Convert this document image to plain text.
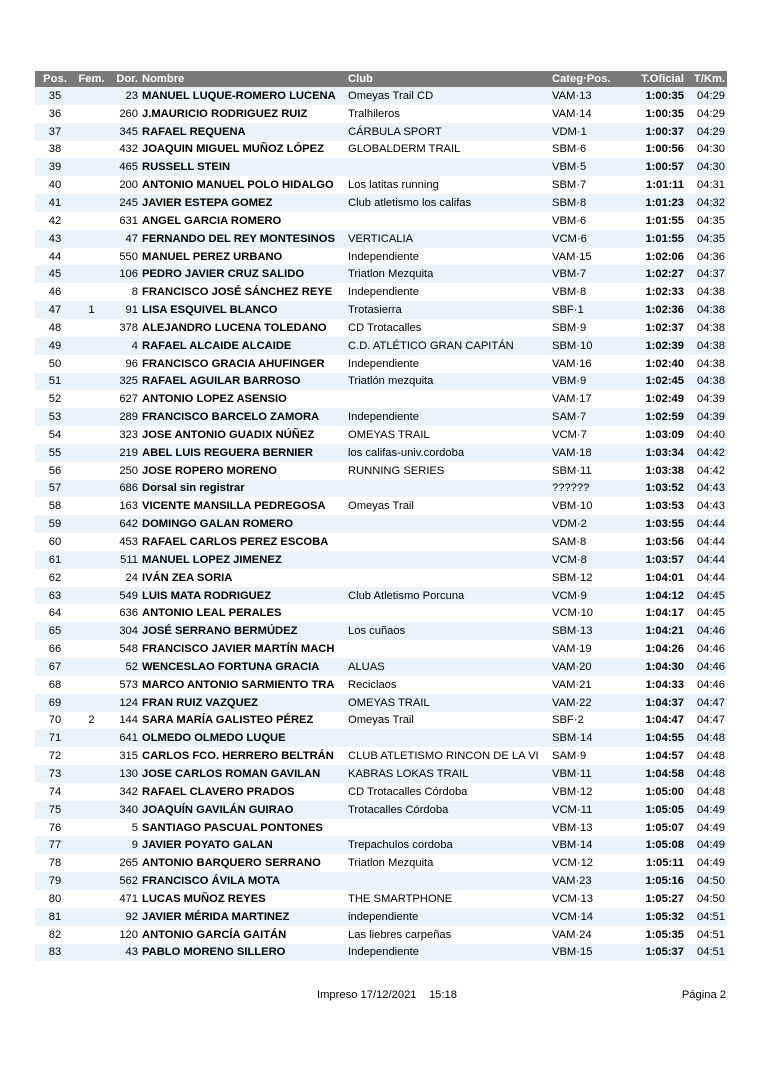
Pos.	Fem.	Dor.	Nombre	Club	Categ·Pos.	T.Oficial	T/Km.
35		23	MANUEL LUQUE-ROMERO LUCENA	Omeyas Trail CD	VAM·13	1:00:35	04:29
36		260	J.MAURICIO RODRIGUEZ RUIZ	Tralhileros	VAM·14	1:00:35	04:29
37		345	RAFAEL REQUENA	CÁRBULA SPORT	VDM·1	1:00:37	04:29
38		432	JOAQUIN MIGUEL MUÑOZ LÓPEZ	GLOBALDERM TRAIL	SBM·6	1:00:56	04:30
39		465	RUSSELL STEIN		VBM·5	1:00:57	04:30
40		200	ANTONIO MANUEL POLO HIDALGO	Los latitas running	SBM·7	1:01:11	04:31
41		245	JAVIER ESTEPA GOMEZ	Club atletismo los califas	SBM·8	1:01:23	04:32
42		631	ANGEL GARCIA ROMERO		VBM·6	1:01:55	04:35
43		47	FERNANDO DEL REY MONTESINOS	VERTICALIA	VCM·6	1:01:55	04:35
44		550	MANUEL PEREZ URBANO	Independiente	VAM·15	1:02:06	04:36
45		106	PEDRO JAVIER CRUZ SALIDO	Triatlon Mezquita	VBM·7	1:02:27	04:37
46		8	FRANCISCO JOSÉ SÁNCHEZ REYE	Independiente	VBM·8	1:02:33	04:38
47	1	91	LISA ESQUIVEL BLANCO	Trotasierra	SBF·1	1:02:36	04:38
48		378	ALEJANDRO LUCENA TOLEDANO	CD Trotacalles	SBM·9	1:02:37	04:38
49		4	RAFAEL ALCAIDE ALCAIDE	C.D. ATLÉTICO GRAN CAPITÁN	SBM·10	1:02:39	04:38
50		96	FRANCISCO GRACIA AHUFINGER	Independiente	VAM·16	1:02:40	04:38
51		325	RAFAEL AGUILAR BARROSO	Triatlón mezquita	VBM·9	1:02:45	04:38
52		627	ANTONIO LOPEZ ASENSIO		VAM·17	1:02:49	04:39
53		289	FRANCISCO BARCELO ZAMORA	Independiente	SAM·7	1:02:59	04:39
54		323	JOSE ANTONIO GUADIX NÚÑEZ	OMEYAS TRAIL	VCM·7	1:03:09	04:40
55		219	ABEL LUIS REGUERA BERNIER	los califas-univ.cordoba	VAM·18	1:03:34	04:42
56		250	JOSE ROPERO MORENO	RUNNING SERIES	SBM·11	1:03:38	04:42
57		686	Dorsal sin registrar		??????	1:03:52	04:43
58		163	VICENTE MANSILLA PEDREGOSA	Omeyas Trail	VBM·10	1:03:53	04:43
59		642	DOMINGO GALAN ROMERO		VDM·2	1:03:55	04:44
60		453	RAFAEL CARLOS PEREZ ESCOBA		SAM·8	1:03:56	04:44
61		511	MANUEL LOPEZ JIMENEZ		VCM·8	1:03:57	04:44
62		24	IVÁN ZEA SORIA		SBM·12	1:04:01	04:44
63		549	LUIS MATA RODRIGUEZ	Club Atletismo Porcuna	VCM·9	1:04:12	04:45
64		636	ANTONIO LEAL PERALES		VCM·10	1:04:17	04:45
65		304	JOSÉ SERRANO BERMÚDEZ	Los cuñaos	SBM·13	1:04:21	04:46
66		548	FRANCISCO JAVIER MARTÍN MACH		VAM·19	1:04:26	04:46
67		52	WENCESLAO FORTUNA GRACIA	ALUAS	VAM·20	1:04:30	04:46
68		573	MARCO ANTONIO SARMIENTO TRA	Reciclaos	VAM·21	1:04:33	04:46
69		124	FRAN RUIZ VAZQUEZ	OMEYAS TRAIL	VAM·22	1:04:37	04:47
70	2	144	SARA MARÍA GALISTEO PÉREZ	Omeyas Trail	SBF·2	1:04:47	04:47
71		641	OLMEDO OLMEDO LUQUE		SBM·14	1:04:55	04:48
72		315	CARLOS FCO. HERRERO BELTRÁN	CLUB ATLETISMO RINCON DE LA VI	SAM·9	1:04:57	04:48
73		130	JOSE CARLOS ROMAN GAVILAN	KABRAS LOKAS TRAIL	VBM·11	1:04:58	04:48
74		342	RAFAEL CLAVERO PRADOS	CD Trotacalles Córdoba	VBM·12	1:05:00	04:48
75		340	JOAQUÍN GAVILÁN GUIRAO	Trotacalles Córdoba	VCM·11	1:05:05	04:49
76		5	SANTIAGO PASCUAL PONTONES		VBM·13	1:05:07	04:49
77		9	JAVIER POYATO GALAN	Trepachulos cordoba	VBM·14	1:05:08	04:49
78		265	ANTONIO BARQUERO SERRANO	Triatlon Mezquita	VCM·12	1:05:11	04:49
79		562	FRANCISCO ÁVILA MOTA		VAM·23	1:05:16	04:50
80		471	LUCAS MUÑOZ REYES	THE SMARTPHONE	VCM·13	1:05:27	04:50
81		92	JAVIER MÉRIDA MARTINEZ	independiente	VCM·14	1:05:32	04:51
82		120	ANTONIO GARCÍA GAITÁN	Las liebres carpeñas	VAM·24	1:05:35	04:51
83		43	PABLO MORENO SILLERO	Independiente	VBM·15	1:05:37	04:51
Impreso 17/12/2021    15:18	Página 2
